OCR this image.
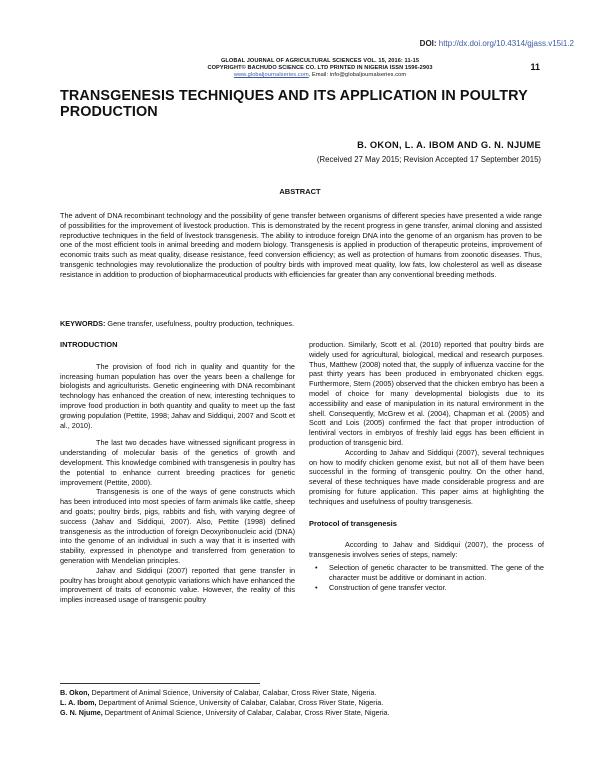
DOI: http://dx.doi.org/10.4314/gjass.v15i1.2
GLOBAL JOURNAL OF AGRICULTURAL SCIENCES VOL. 15, 2016: 11-15
COPYRIGHT© BACHUDO SCIENCE CO. LTD PRINTED IN NIGERIA ISSN 1596-2903
www.globaljournalseries.com, Email: info@globaljournalseries.com
11
TRANSGENESIS TECHNIQUES AND ITS APPLICATION IN POULTRY PRODUCTION
B. OKON, L. A. IBOM AND G. N. NJUME
(Received 27 May 2015; Revision Accepted 17 September 2015)
ABSTRACT

The advent of DNA recombinant technology and the possibility of gene transfer between organisms of different species have presented a wide range of possibilities for the improvement of livestock production. This is demonstrated by the recent progress in gene transfer, animal cloning and assisted reproductive techniques in the field of livestock transgenesis. The ability to introduce foreign DNA into the genome of an organism has proven to be one of the most efficient tools in animal breeding and modern biology. Transgenesis is applied in production of therapeutic proteins, improvement of economic traits such as meat quality, disease resistance, feed conversion efficiency; as well as protection of humans from zoonotic diseases. Thus, transgenic technologies may revolutionalize the production of poultry birds with improved meat quality, low fats, low cholesterol as well as disease resistance in addition to production of biopharmaceutical products with efficiencies far greater than any conventional breeding methods.

KEYWORDS: Gene transfer, usefulness, poultry production, techniques.

INTRODUCTION

The provision of food rich in quality and quantity for the increasing human population has over the years been a challenge for biologists and agriculturists. Genetic engineering with DNA recombinant technology has enhanced the creation of new, interesting techniques to improve food production in both quantity and quality to meet up the fast growing population (Pettite, 1998; Jahav and Siddiqui, 2007 and Scott et al., 2010).

The last two decades have witnessed significant progress in understanding of molecular basis of the genetics of growth and development. This knowledge combined with transgenesis in poultry has the potential to enhance current breeding practices for genetic improvement (Pettite, 2000).

Transgenesis is one of the ways of gene constructs which has been introduced into most species of farm animals like cattle, sheep and goats; poultry birds, pigs, rabbits and fish, with varying degree of success (Jahav and Siddiqui, 2007). Also, Pettite (1998) defined transgenesis as the introduction of foreign Deoxyribonucleic acid (DNA) into the genome of an individual in such a way that it is inserted with stability, expressed in phenotype and transferred from generation to generation with Mendelian principles.

Jahav and Siddiqui (2007) reported that gene transfer in poultry has brought about genotypic variations which have enhanced the improvement of traits of economic value. However, the reality of this implies increased usage of transgenic poultry

production. Similarly, Scott et al. (2010) reported that poultry birds are widely used for agricultural, biological, medical and research purposes. Thus, Matthew (2008) noted that, the supply of influenza vaccine for the past thirty years has been produced in embryonated chicken eggs. Furthermore, Stern (2005) observed that the chicken embryo has been a model of choice for many developmental biologists due to its accessibility and ease of manipulation in its natural environment in the shell. Consequently, McGrew et al. (2004), Chapman et al. (2005) and Scott and Lois (2005) confirmed the fact that proper introduction of lentiviral vectors in embryos of freshly laid eggs has been efficient in production of transgenic bird.

According to Jahav and Siddiqui (2007), several techniques on how to modify chicken genome exist, but not all of them have been successful in the forming of transgenic poultry. On the other hand, several of these techniques have made considerable progress and are promising for future application. This paper aims at highlighting the techniques and usefulness of poultry transgenesis.

Protocol of transgenesis

According to Jahav and Siddiqui (2007), the process of transgenesis involves series of steps, namely:

• Selection of genetic character to be transmitted. The gene of the character must be additive or dominant in action.
• Construction of gene transfer vector.

B. Okon, Department of Animal Science, University of Calabar, Calabar, Cross River State, Nigeria.

L. A. Ibom, Department of Animal Science, University of Calabar, Calabar, Cross River State, Nigeria.

G. N. Njume, Department of Animal Science, University of Calabar, Calabar, Cross River State, Nigeria.
